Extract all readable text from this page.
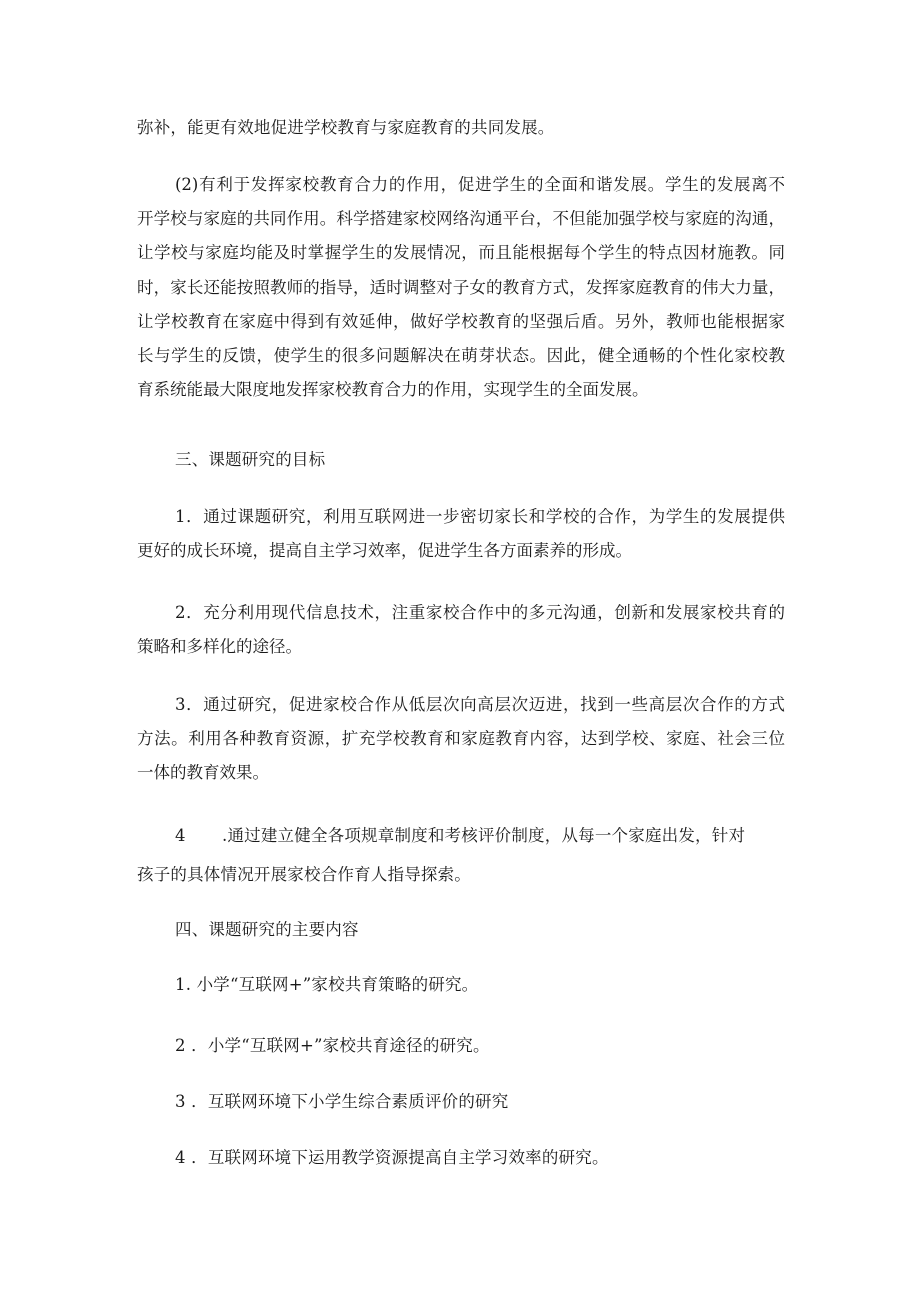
弥补，能更有效地促进学校教育与家庭教育的共同发展。
(2)有利于发挥家校教育合力的作用，促进学生的全面和谐发展。学生的发展离不
开学校与家庭的共同作用。科学搭建家校网络沟通平台，不但能加强学校与家庭的沟通，
让学校与家庭均能及时掌握学生的发展情况，而且能根据每个学生的特点因材施教。同
时，家长还能按照教师的指导，适时调整对子女的教育方式，发挥家庭教育的伟大力量，
让学校教育在家庭中得到有效延伸，做好学校教育的坚强后盾。另外，教师也能根据家
长与学生的反馈，使学生的很多问题解决在萌芽状态。因此，健全通畅的个性化家校教
育系统能最大限度地发挥家校教育合力的作用，实现学生的全面发展。
三、课题研究的目标
1．通过课题研究，利用互联网进一步密切家长和学校的合作，为学生的发展提供
更好的成长环境，提高自主学习效率，促进学生各方面素养的形成。
2．充分利用现代信息技术，注重家校合作中的多元沟通，创新和发展家校共育的
策略和多样化的途径。
3．通过研究，促进家校合作从低层次向高层次迈进，找到一些高层次合作的方式
方法。利用各种教育资源，扩充学校教育和家庭教育内容，达到学校、家庭、社会三位
一体的教育效果。
4 .通过建立健全各项规章制度和考核评价制度，从每一个家庭出发，针对
孩子的具体情况开展家校合作育人指导探索。
四、课题研究的主要内容
1. 小学“互联网+”家校共育策略的研究。
2 ．小学“互联网+”家校共育途径的研究。
3 ．互联网环境下小学生综合素质评价的研究
4 ．互联网环境下运用教学资源提高自主学习效率的研究。
